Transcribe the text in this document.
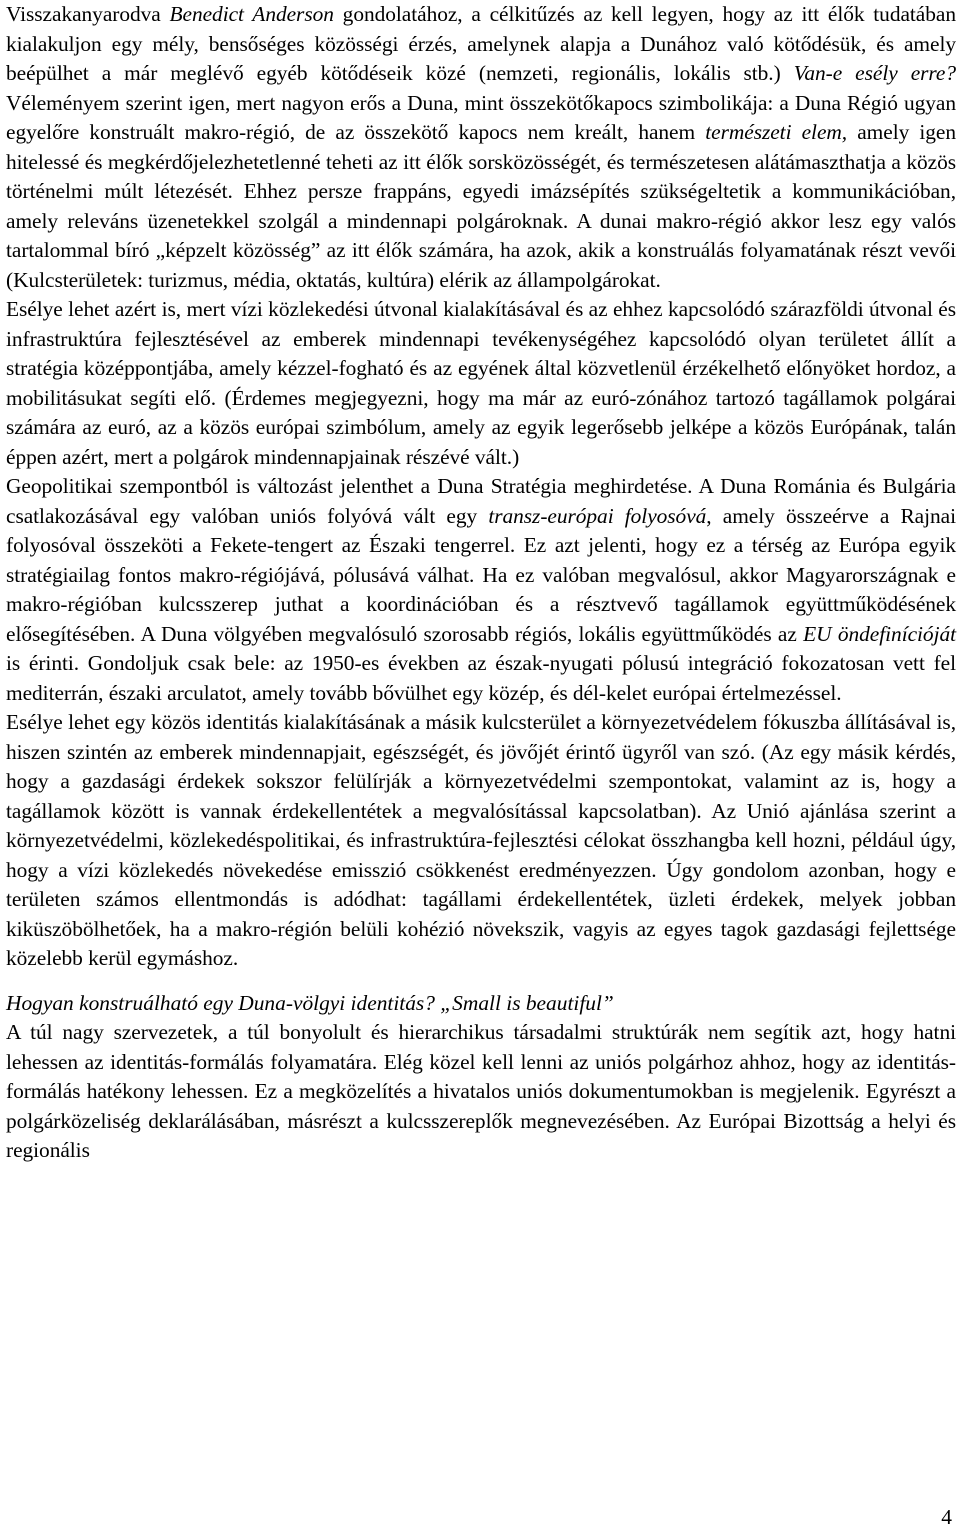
Visszakanyarodva Benedict Anderson gondolatához, a célkitűzés az kell legyen, hogy az itt élők tudatában kialakuljon egy mély, bensőséges közösségi érzés, amelynek alapja a Dunához való kötődésük, és amely beépülhet a már meglévő egyéb kötődéseik közé (nemzeti, regionális, lokális stb.) Van-e esély erre? Véleményem szerint igen, mert nagyon erős a Duna, mint összekötőkapocs szimbolikája: a Duna Régió ugyan egyelőre konstruált makro-régió, de az összekötő kapocs nem kreált, hanem természeti elem, amely igen hitelessé és megkérdőjelezhetetlenné teheti az itt élők sorsközösségét, és természetesen alátámaszthatja a közös történelmi múlt létezését. Ehhez persze frappáns, egyedi imázsépítés szükségeltetik a kommunikációban, amely releváns üzenetekkel szolgál a mindennapi polgároknak. A dunai makro-régió akkor lesz egy valós tartalommal bíró „képzelt közösség” az itt élők számára, ha azok, akik a konstruálás folyamatának részt vevői (Kulcsterületek: turizmus, média, oktatás, kultúra) elérik az állampolgárokat.

Esélye lehet azért is, mert vízi közlekedési útvonal kialakításával és az ehhez kapcsolódó szárazföldi útvonal és infrastruktúra fejlesztésével az emberek mindennapi tevékenységéhez kapcsolódó olyan területet állít a stratégia középpontjába, amely kézzel-fogható és az egyének által közvetlenül érzékelhető előnyöket hordoz, a mobilitásukat segíti elő. (Érdemes megjegyezni, hogy ma már az euró-zónához tartozó tagállamok polgárai számára az euró, az a közös európai szimbólum, amely az egyik legerősebb jelképe a közös Európának, talán éppen azért, mert a polgárok mindennapjainak részévé vált.)

Geopolitikai szempontból is változást jelenthet a Duna Stratégia meghirdetése. A Duna Románia és Bulgária csatlakozásával egy valóban uniós folyóvá vált egy transz-európai folyosóvá, amely összeérve a Rajnai folyosóval összeköti a Fekete-tengert az Északi tengerrel. Ez azt jelenti, hogy ez a térség az Európa egyik stratégiailag fontos makro-régiójává, pólusává válhat. Ha ez valóban megvalósul, akkor Magyarországnak e makro-régióban kulcsszerep juthat a koordinációban és a résztvevő tagállamok együttműködésének elősegítésében. A Duna völgyében megvalósuló szorosabb régiós, lokális együttműködés az EU öndefinícióját is érinti. Gondoljuk csak bele: az 1950-es években az észak-nyugati pólusú integráció fokozatosan vett fel mediterrán, északi arculatot, amely tovább bővülhet egy közép, és dél-kelet európai értelmezéssel.

Esélye lehet egy közös identitás kialakításának a másik kulcsterület a környezetvédelem fókuszba állításával is, hiszen szintén az emberek mindennapjait, egészségét, és jövőjét érintő ügyről van szó. (Az egy másik kérdés, hogy a gazdasági érdekek sokszor felülírják a környezetvédelmi szempontokat, valamint az is, hogy a tagállamok között is vannak érdekellentétek a megvalósítással kapcsolatban). Az Unió ajánlása szerint a környezetvédelmi, közlekedéspolitikai, és infrastruktúra-fejlesztési célokat összhangba kell hozni, például úgy, hogy a vízi közlekedés növekedése emisszió csökkenést eredményezzen. Úgy gondolom azonban, hogy e területen számos ellentmondás is adódhat: tagállami érdekellentétek, üzleti érdekek, melyek jobban kiküszöbölhetőek, ha a makro-régión belüli kohézió növekszik, vagyis az egyes tagok gazdasági fejlettsége közelebb kerül egymáshoz.

Hogyan konstruálható egy Duna-völgyi identitás? „Small is beautiful”

A túl nagy szervezetek, a túl bonyolult és hierarchikus társadalmi struktúrák nem segítik azt, hogy hatni lehessen az identitás-formálás folyamatára. Elég közel kell lenni az uniós polgárhoz ahhoz, hogy az identitás-formálás hatékony lehessen. Ez a megközelítés a hivatalos uniós dokumentumokban is megjelenik. Egyrészt a polgárközeliség deklarálásában, másrészt a kulcsszereplők megnevezésében. Az Európai Bizottság a helyi és regionális

4
